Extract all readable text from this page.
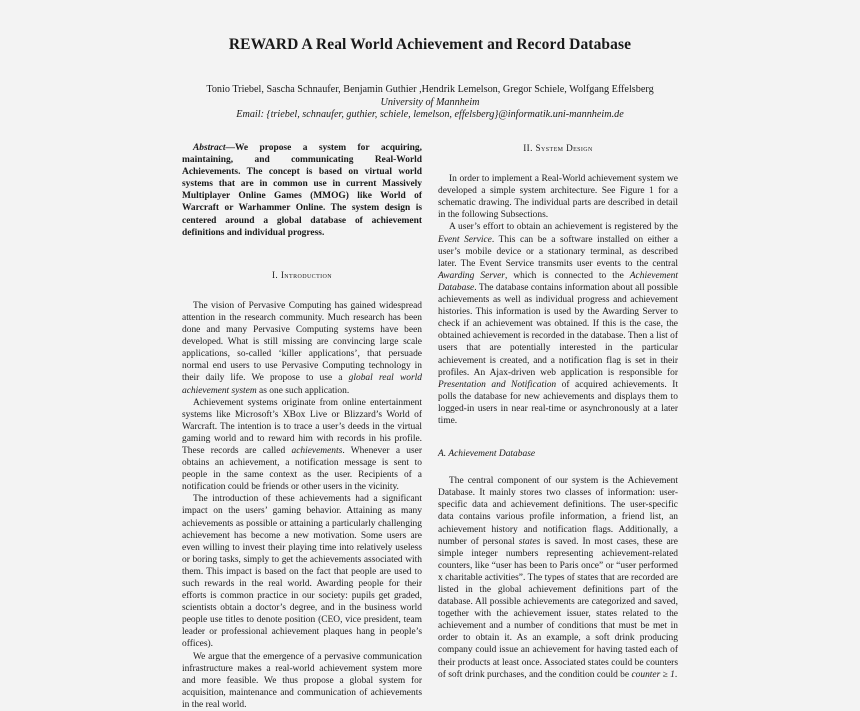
REWARD A Real World Achievement and Record Database
Tonio Triebel, Sascha Schnaufer, Benjamin Guthier ,Hendrik Lemelson, Gregor Schiele, Wolfgang Effelsberg
University of Mannheim
Email: {triebel, schnaufer, guthier, schiele, lemelson, effelsberg}@informatik.uni-mannheim.de

Abstract—We propose a system for acquiring, maintaining, and communicating Real-World Achievements. The concept is based on virtual world systems that are in common use in current Massively Multiplayer Online Games (MMOG) like World of Warcraft or Warhammer Online. The system design is centered around a global database of achievement definitions and individual progress.

I. Introduction

The vision of Pervasive Computing has gained widespread attention in the research community. Much research has been done and many Pervasive Computing systems have been developed. What is still missing are convincing large scale applications, so-called ‘killer applications’, that persuade normal end users to use Pervasive Computing technology in their daily life. We propose to use a global real world achievement system as one such application.

Achievement systems originate from online entertainment systems like Microsoft’s XBox Live or Blizzard’s World of Warcraft. The intention is to trace a user’s deeds in the virtual gaming world and to reward him with records in his profile. These records are called achievements. Whenever a user obtains an achievement, a notification message is sent to people in the same context as the user. Recipients of a notification could be friends or other users in the vicinity.

The introduction of these achievements had a significant impact on the users’ gaming behavior. Attaining as many achievements as possible or attaining a particularly challenging achievement has become a new motivation. Some users are even willing to invest their playing time into relatively useless or boring tasks, simply to get the achievements associated with them. This impact is based on the fact that people are used to such rewards in the real world. Awarding people for their efforts is common practice in our society: pupils get graded, scientists obtain a doctor’s degree, and in the business world people use titles to denote position (CEO, vice president, team leader or professional achievement plaques hang in people’s offices).

We argue that the emergence of a pervasive communication infrastructure makes a real-world achievement system more and more feasible. We thus propose a global system for acquisition, maintenance and communication of achievements in the real world.

II. System Design

In order to implement a Real-World achievement system we developed a simple system architecture. See Figure 1 for a schematic drawing. The individual parts are described in detail in the following Subsections.

A user’s effort to obtain an achievement is registered by the Event Service. This can be a software installed on either a user’s mobile device or a stationary terminal, as described later. The Event Service transmits user events to the central Awarding Server, which is connected to the Achievement Database. The database contains information about all possible achievements as well as individual progress and achievement histories. This information is used by the Awarding Server to check if an achievement was obtained. If this is the case, the obtained achievement is recorded in the database. Then a list of users that are potentially interested in the particular achievement is created, and a notification flag is set in their profiles. An Ajax-driven web application is responsible for Presentation and Notification of acquired achievements. It polls the database for new achievements and displays them to logged-in users in near real-time or asynchronously at a later time.

A. Achievement Database

The central component of our system is the Achievement Database. It mainly stores two classes of information: user-specific data and achievement definitions. The user-specific data contains various profile information, a friend list, an achievement history and notification flags. Additionally, a number of personal states is saved. In most cases, these are simple integer numbers representing achievement-related counters, like “user has been to Paris once” or “user performed x charitable activities”. The types of states that are recorded are listed in the global achievement definitions part of the database. All possible achievements are categorized and saved, together with the achievement issuer, states related to the achievement and a number of conditions that must be met in order to obtain it. As an example, a soft drink producing company could issue an achievement for having tasted each of their products at least once. Associated states could be counters of soft drink purchases, and the condition could be counter ≥ 1.
